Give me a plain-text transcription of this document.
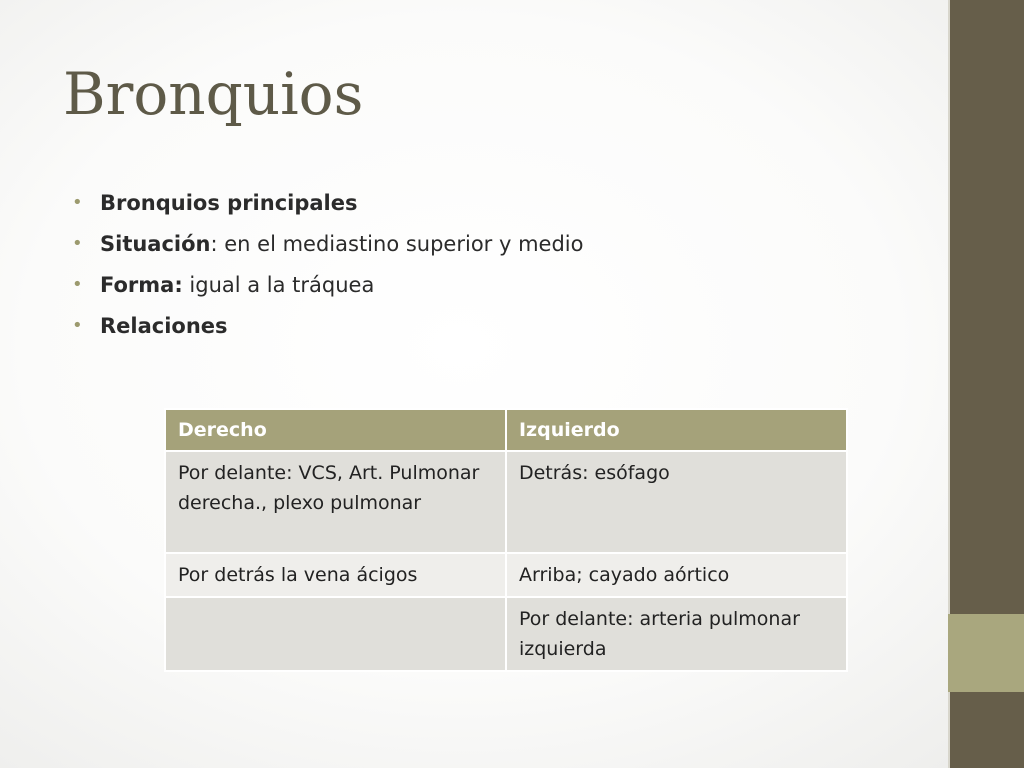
Bronquios
• Bronquios principales
• Situación: en el mediastino superior y medio
• Forma: igual a la tráquea
• Relaciones
Derecho	Izquierdo
Por delante: VCS, Art. Pulmonar derecha., plexo pulmonar	Detrás: esófago
Por detrás la vena ácigos	Arriba; cayado aórtico
	Por delante: arteria pulmonar izquierda
